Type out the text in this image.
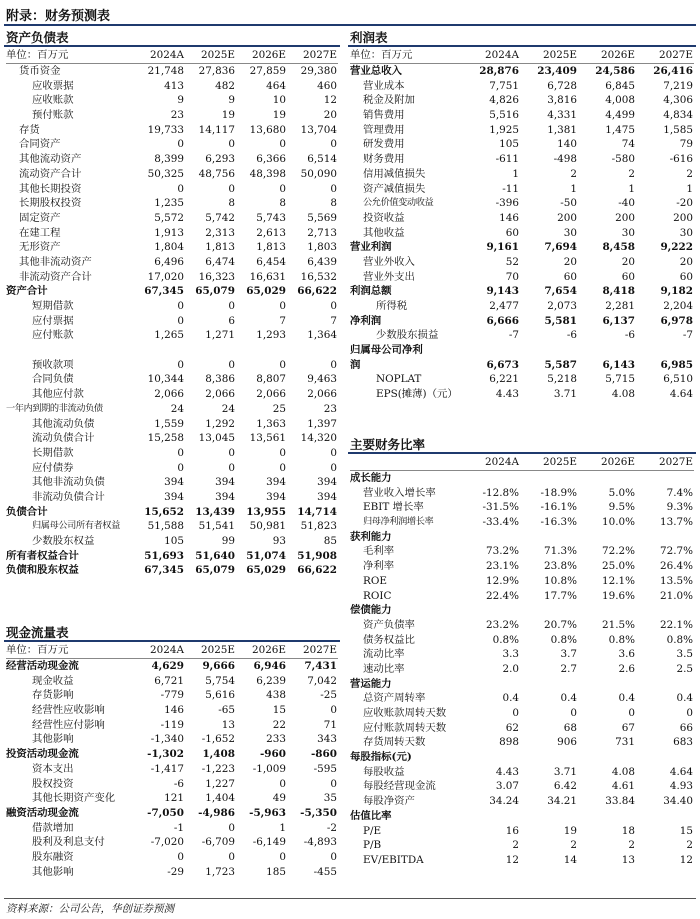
附录：财务预测表
资产负债表
单位：百万元	2024A	2025E	2026E	2027E
货币资金	21,748	27,836	27,859	29,380
应收票据	413	482	464	460
应收账款	9	9	10	12
预付账款	23	19	19	20
存货	19,733	14,117	13,680	13,704
合同资产	0	0	0	0
其他流动资产	8,399	6,293	6,366	6,514
流动资产合计	50,325	48,756	48,398	50,090
其他长期投资	0	0	0	0
长期股权投资	1,235	8	8	8
固定资产	5,572	5,742	5,743	5,569
在建工程	1,913	2,313	2,613	2,713
无形资产	1,804	1,813	1,813	1,803
其他非流动资产	6,496	6,474	6,454	6,439
非流动资产合计	17,020	16,323	16,631	16,532
资产合计	67,345	65,079	65,029	66,622
短期借款	0	0	0	0
应付票据	0	6	7	7
应付账款	1,265	1,271	1,293	1,364

预收款项	0	0	0	0
合同负债	10,344	8,386	8,807	9,463
其他应付款	2,066	2,066	2,066	2,066
一年内到期的非流动负债	24	24	25	23
其他流动负债	1,559	1,292	1,363	1,397
流动负债合计	15,258	13,045	13,561	14,320
长期借款	0	0	0	0
应付债券	0	0	0	0
其他非流动负债	394	394	394	394
非流动负债合计	394	394	394	394
负债合计	15,652	13,439	13,955	14,714
归属母公司所有者权益	51,588	51,541	50,981	51,823
少数股东权益	105	99	93	85
所有者权益合计	51,693	51,640	51,074	51,908
负债和股东权益	67,345	65,079	65,029	66,622
现金流量表
单位：百万元	2024A	2025E	2026E	2027E
经营活动现金流	4,629	9,666	6,946	7,431
现金收益	6,721	5,754	6,239	7,042
存货影响	-779	5,616	438	-25
经营性应收影响	146	-65	15	0
经营性应付影响	-119	13	22	71
其他影响	-1,340	-1,652	233	343
投资活动现金流	-1,302	1,408	-960	-860
资本支出	-1,417	-1,223	-1,009	-595
股权投资	-6	1,227	0	0
其他长期资产变化	121	1,404	49	35
融资活动现金流	-7,050	-4,986	-5,963	-5,350
借款增加	-1	0	1	-2
股利及利息支付	-7,020	-6,709	-6,149	-4,893
股东融资	0	0	0	0
其他影响	-29	1,723	185	-455
利润表
单位：百万元	2024A	2025E	2026E	2027E
营业总收入	28,876	23,409	24,586	26,416
营业成本	7,751	6,728	6,845	7,219
税金及附加	4,826	3,816	4,008	4,306
销售费用	5,516	4,331	4,499	4,834
管理费用	1,925	1,381	1,475	1,585
研发费用	105	140	74	79
财务费用	-611	-498	-580	-616
信用减值损失	1	2	2	2
资产减值损失	-11	1	1	1
公允价值变动收益	-396	-50	-40	-20
投资收益	146	200	200	200
其他收益	60	30	30	30
营业利润	9,161	7,694	8,458	9,222
营业外收入	52	20	20	20
营业外支出	70	60	60	60
利润总额	9,143	7,654	8,418	9,182
所得税	2,477	2,073	2,281	2,204
净利润	6,666	5,581	6,137	6,978
少数股东损益	-7	-6	-6	-7
归属母公司净利				
润	6,673	5,587	6,143	6,985
NOPLAT	6,221	5,218	5,715	6,510
EPS(摊薄)（元）	4.43	3.71	4.08	4.64
主要财务比率
	2024A	2025E	2026E	2027E
成长能力				
营业收入增长率	-12.8%	-18.9%	5.0%	7.4%
EBIT 增长率	-31.5%	-16.1%	9.5%	9.3%
归母净利润增长率	-33.4%	-16.3%	10.0%	13.7%
获利能力				
毛利率	73.2%	71.3%	72.2%	72.7%
净利率	23.1%	23.8%	25.0%	26.4%
ROE	12.9%	10.8%	12.1%	13.5%
ROIC	22.4%	17.7%	19.6%	21.0%
偿债能力				
资产负债率	23.2%	20.7%	21.5%	22.1%
债务权益比	0.8%	0.8%	0.8%	0.8%
流动比率	3.3	3.7	3.6	3.5
速动比率	2.0	2.7	2.6	2.5
营运能力				
总资产周转率	0.4	0.4	0.4	0.4
应收账款周转天数	0	0	0	0
应付账款周转天数	62	68	67	66
存货周转天数	898	906	731	683
每股指标(元)				
每股收益	4.43	3.71	4.08	4.64
每股经营现金流	3.07	6.42	4.61	4.93
每股净资产	34.24	34.21	33.84	34.40
估值比率				
P/E	16	19	18	15
P/B	2	2	2	2
EV/EBITDA	12	14	13	12
资料来源：公司公告，华创证券预测
